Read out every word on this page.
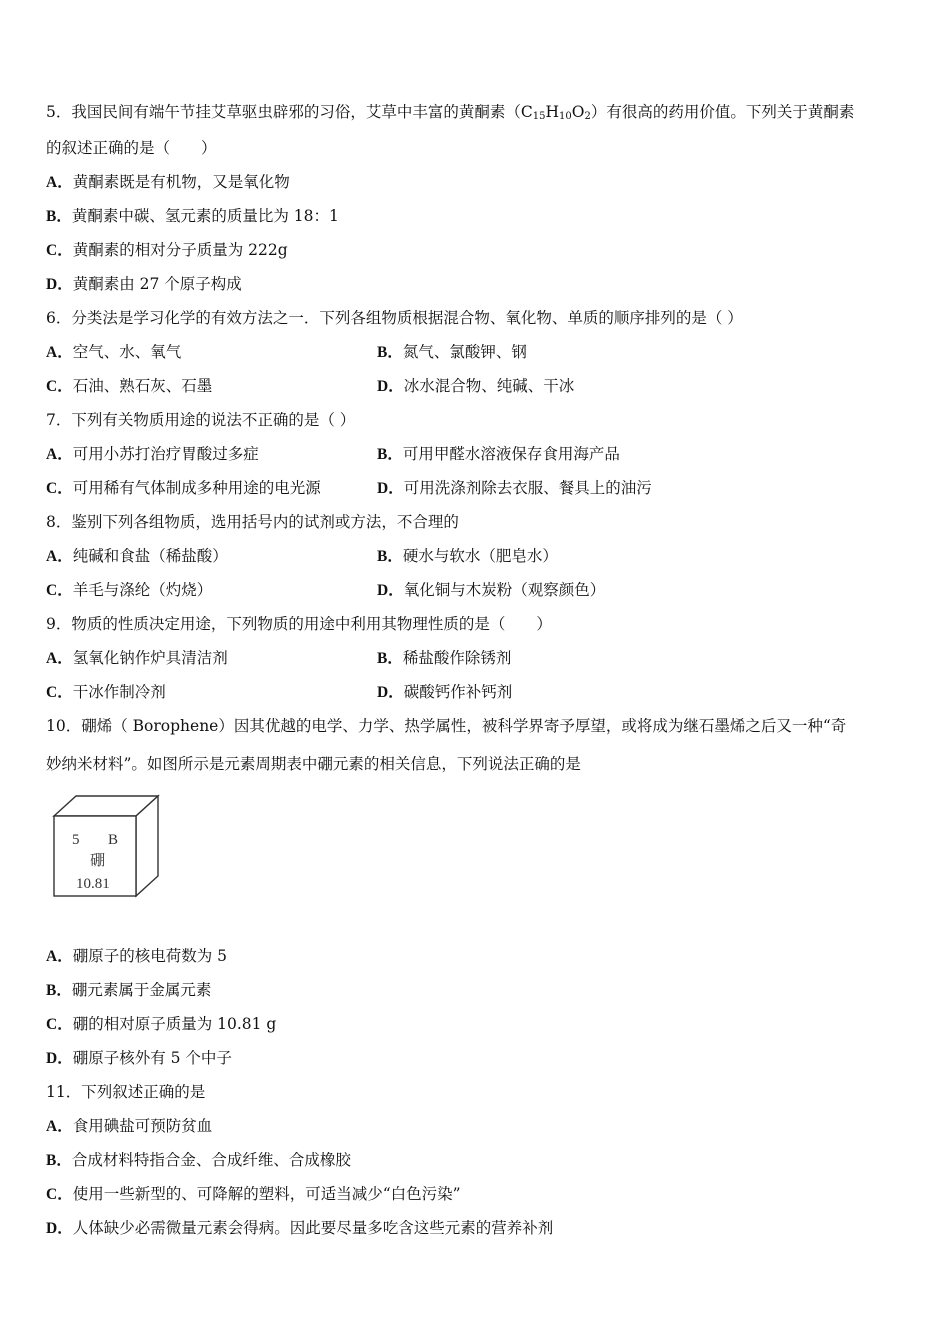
5．我国民间有端午节挂艾草驱虫辟邪的习俗，艾草中丰富的黄酮素$(C_{15}H_{10}O_2)$有很高的药用价值。下列关于黄酮素
的叙述正确的是（　　）
A．黄酮素既是有机物，又是氧化物
B．黄酮素中碳、氢元素的质量比为 18：1
C．黄酮素的相对分子质量为 222g
D．黄酮素由 27 个原子构成
6．分类法是学习化学的有效方法之一．下列各组物质根据混合物、氧化物、单质的顺序排列的是（ ）
A．空气、水、氧气	B．氮气、氯酸钾、钢
C．石油、熟石灰、石墨	D．冰水混合物、纯碱、干冰
7．下列有关物质用途的说法不正确的是（ ）
A．可用小苏打治疗胃酸过多症	B．可用甲醛水溶液保存食用海产品
C．可用稀有气体制成多种用途的电光源	D．可用洗涤剂除去衣服、餐具上的油污
8．鉴别下列各组物质，选用括号内的试剂或方法，不合理的
A．纯碱和食盐（稀盐酸）	B．硬水与软水（肥皂水）
C．羊毛与涤纶（灼烧）	D．氧化铜与木炭粉（观察颜色）
9．物质的性质决定用途，下列物质的用途中利用其物理性质的是（　　）
A．氢氧化钠作炉具清洁剂	B．稀盐酸作除锈剂
C．干冰作制冷剂	D．碳酸钙作补钙剂
10．硼烯（ Borophene）因其优越的电学、力学、热学属性，被科学界寄予厚望，或将成为继石墨烯之后又一种“奇
妙纳米材料”。如图所示是元素周期表中硼元素的相关信息，下列说法正确的是
5 B
硼
10.81
A．硼原子的核电荷数为 5
B．硼元素属于金属元素
C．硼的相对原子质量为 10.81 g
D．硼原子核外有 5 个中子
11．下列叙述正确的是
A．食用碘盐可预防贫血
B．合成材料特指合金、合成纤维、合成橡胶
C．使用一些新型的、可降解的塑料，可适当减少“白色污染”
D．人体缺少必需微量元素会得病。因此要尽量多吃含这些元素的营养补剂
